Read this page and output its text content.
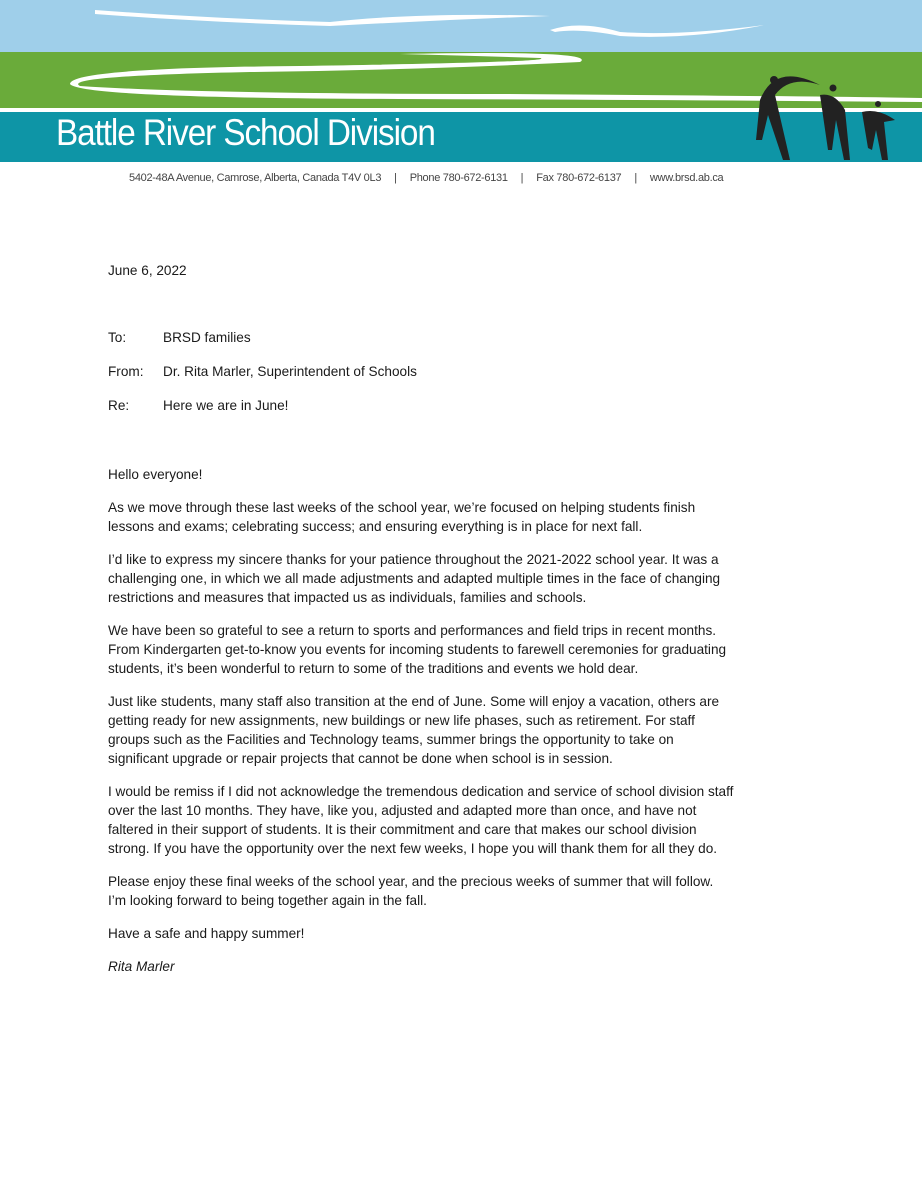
Battle River School Division
5402-48A Avenue, Camrose, Alberta, Canada T4V 0L3 | Phone 780-672-6131 | Fax 780-672-6137 | www.brsd.ab.ca
June 6, 2022
To:	BRSD families
From: Dr. Rita Marler, Superintendent of Schools
Re: Here we are in June!

Hello everyone!

As we move through these last weeks of the school year, we’re focused on helping students finish
lessons and exams; celebrating success; and ensuring everything is in place for next fall.

I’d like to express my sincere thanks for your patience throughout the 2021-2022 school year. It was a
challenging one, in which we all made adjustments and adapted multiple times in the face of changing
restrictions and measures that impacted us as individuals, families and schools.

We have been so grateful to see a return to sports and performances and field trips in recent months.
From Kindergarten get-to-know you events for incoming students to farewell ceremonies for graduating
students, it’s been wonderful to return to some of the traditions and events we hold dear.

Just like students, many staff also transition at the end of June. Some will enjoy a vacation, others are
getting ready for new assignments, new buildings or new life phases, such as retirement. For staff
groups such as the Facilities and Technology teams, summer brings the opportunity to take on
significant upgrade or repair projects that cannot be done when school is in session.

I would be remiss if I did not acknowledge the tremendous dedication and service of school division staff
over the last 10 months. They have, like you, adjusted and adapted more than once, and have not
faltered in their support of students. It is their commitment and care that makes our school division
strong. If you have the opportunity over the next few weeks, I hope you will thank them for all they do.

Please enjoy these final weeks of the school year, and the precious weeks of summer that will follow.
I’m looking forward to being together again in the fall.

Have a safe and happy summer!

Rita Marler
